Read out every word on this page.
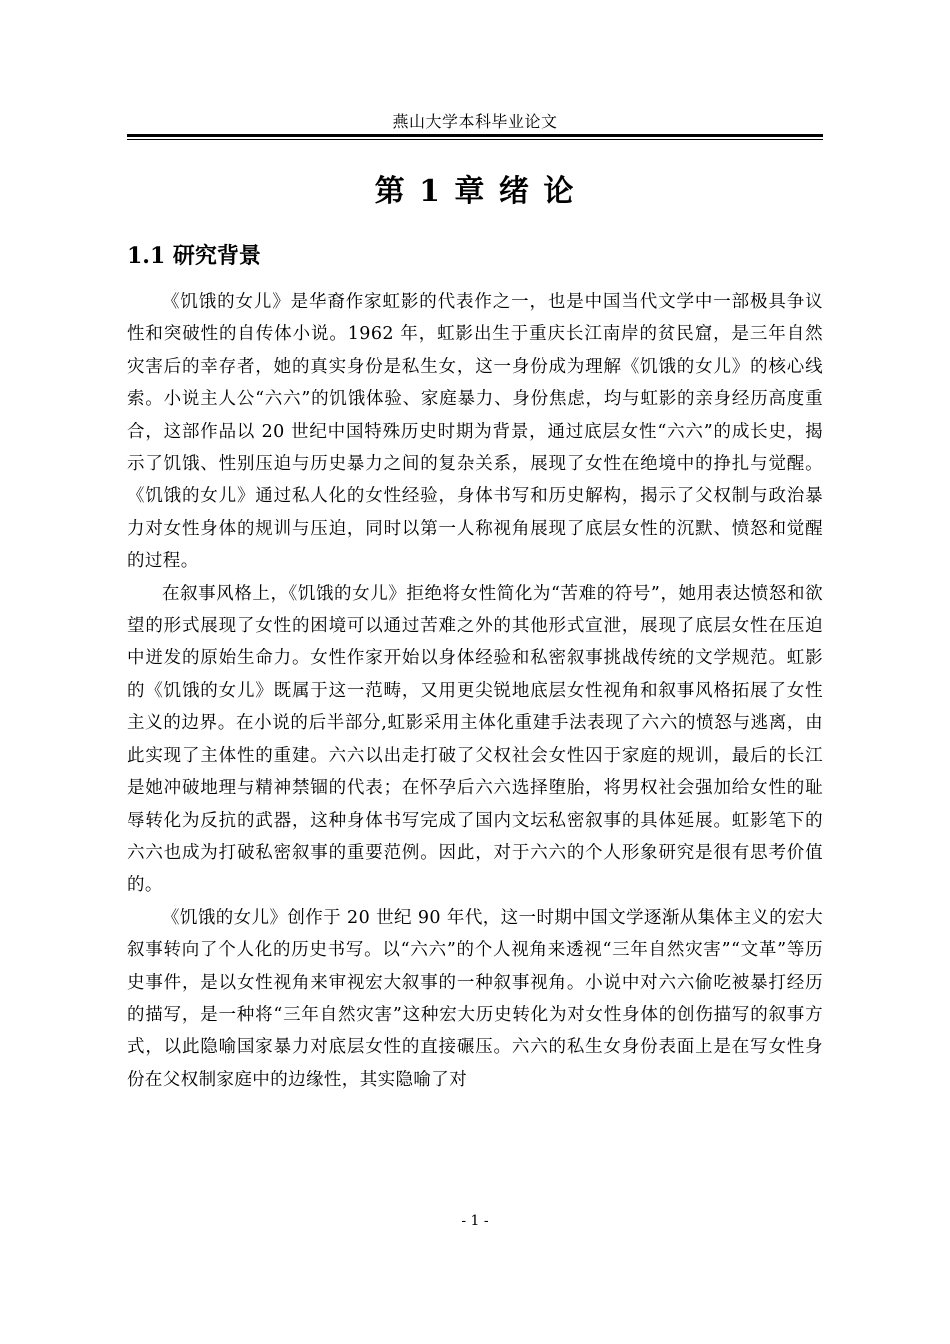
燕山大学本科毕业论文
第 1 章 绪 论
1.1 研究背景

《饥饿的女儿》是华裔作家虹影的代表作之一，也是中国当代文学中一部极具争议性和突破性的自传体小说。1962 年，虹影出生于重庆长江南岸的贫民窟，是三年自然灾害后的幸存者，她的真实身份是私生女，这一身份成为理解《饥饿的女儿》的核心线索。小说主人公“六六”的饥饿体验、家庭暴力、身份焦虑，均与虹影的亲身经历高度重合，这部作品以 20 世纪中国特殊历史时期为背景，通过底层女性“六六”的成长史，揭示了饥饿、性别压迫与历史暴力之间的复杂关系，展现了女性在绝境中的挣扎与觉醒。《饥饿的女儿》通过私人化的女性经验，身体书写和历史解构，揭示了父权制与政治暴力对女性身体的规训与压迫，同时以第一人称视角展现了底层女性的沉默、愤怒和觉醒的过程。

在叙事风格上，《饥饿的女儿》拒绝将女性简化为“苦难的符号”，她用表达愤怒和欲望的形式展现了女性的困境可以通过苦难之外的其他形式宣泄，展现了底层女性在压迫中迸发的原始生命力。女性作家开始以身体经验和私密叙事挑战传统的文学规范。虹影的《饥饿的女儿》既属于这一范畴，又用更尖锐地底层女性视角和叙事风格拓展了女性主义的边界。在小说的后半部分,虹影采用主体化重建手法表现了六六的愤怒与逃离，由此实现了主体性的重建。六六以出走打破了父权社会女性囚于家庭的规训，最后的长江是她冲破地理与精神禁锢的代表；在怀孕后六六选择堕胎，将男权社会强加给女性的耻辱转化为反抗的武器，这种身体书写完成了国内文坛私密叙事的具体延展。虹影笔下的六六也成为打破私密叙事的重要范例。因此，对于六六的个人形象研究是很有思考价值的。

《饥饿的女儿》创作于 20 世纪 90 年代，这一时期中国文学逐渐从集体主义的宏大叙事转向了个人化的历史书写。以“六六”的个人视角来透视“三年自然灾害”“文革”等历史事件，是以女性视角来审视宏大叙事的一种叙事视角。小说中对六六偷吃被暴打经历的描写，是一种将“三年自然灾害”这种宏大历史转化为对女性身体的创伤描写的叙事方式，以此隐喻国家暴力对底层女性的直接碾压。六六的私生女身份表面上是在写女性身份在父权制家庭中的边缘性，其实隐喻了对

- 1 -
